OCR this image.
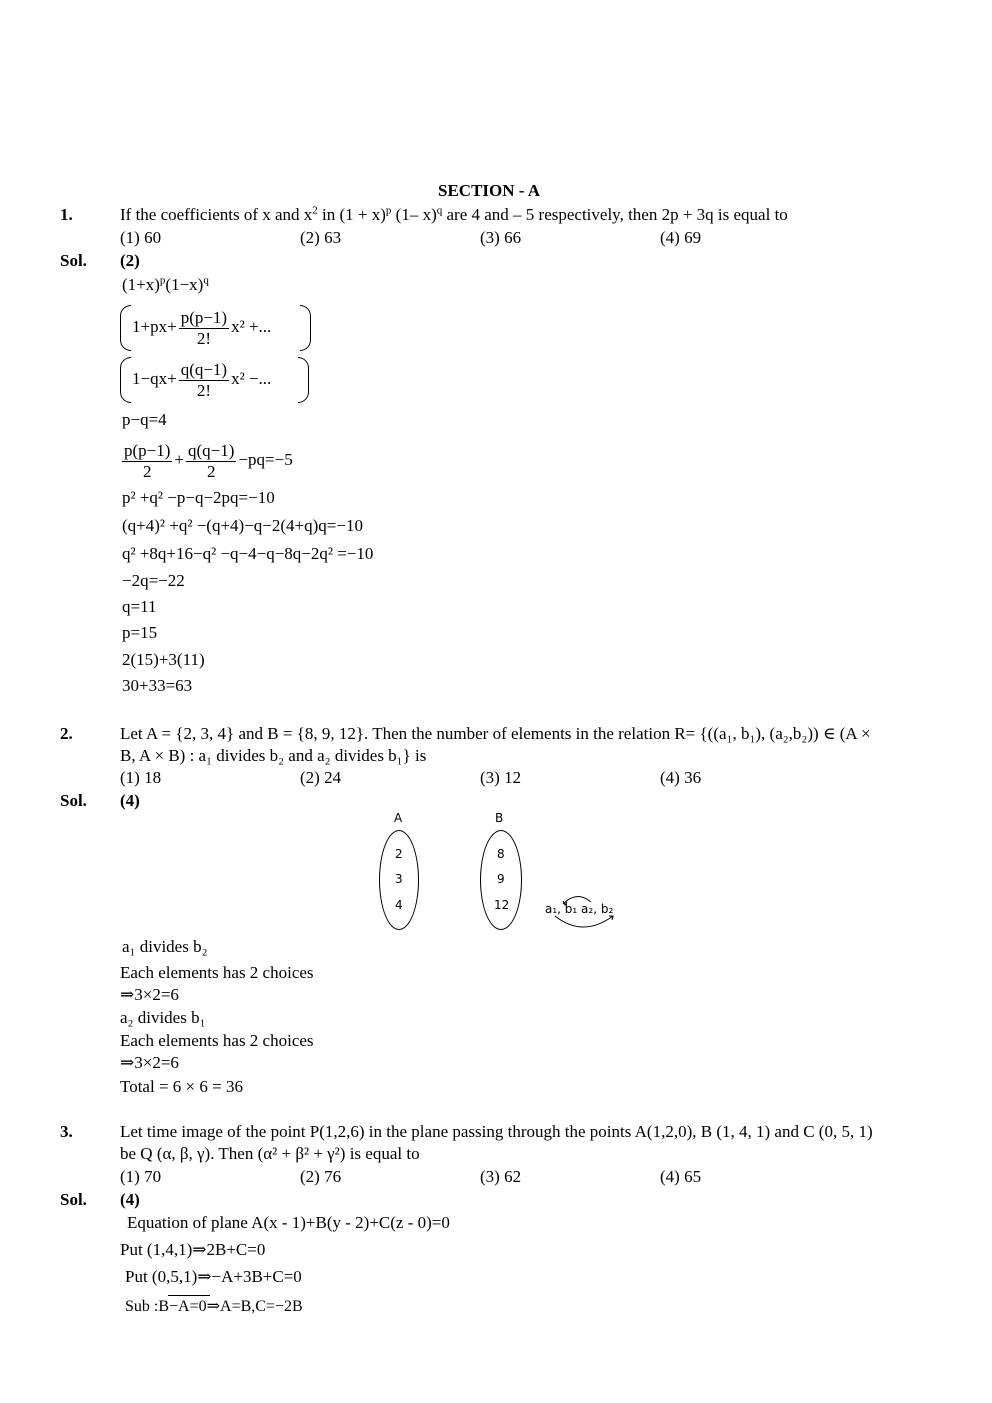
SECTION - A
1.	If the coefficients of x and $x^2$ in $(1 + x)^p$ (1– x)$^q$ are 4 and – 5 respectively, then 2p + 3q is equal to
(1) 60	(2) 63	(3) 66	(4) 69
Sol. (2)
$(1+x)^p(1-x)^q$
$1+px+ \frac{p(p-1)}{2!} x^2$ +...
$1-qx+ \frac{q(q-1)}{2!} x^2$ −...
p−q=4
$\frac{p(p-1)}{2} + \frac{q(q-1)}{2} -pq=-5$
p² +q² −p−q−2pq=−10
(q+4)² +q² −(q+4)−q−2(4+q)q=−10
q² +8q+16−q² −q−4−q−8q−2q² =−10
−2q=−22
q=11
p=15
2(15)+3(11)
30+33=63
2.	Let A = {2, 3, 4} and B = {8, 9, 12}. Then the number of elements in the relation R= {((a₁, b₁), (a₂,b₂)) ∈ (A ×
B, A × B) : a₁ divides b₂ and a₂ divides b₁} is
(1) 18	(2) 24	(3) 12	(4) 36
Sol. (4)
A
2
3
4
B
8
9
12	a₁, b₁ a₂, b₂
a₁ divides b₂
Each elements has 2 choices
⇒3×2=6
a₂ divides b₁
Each elements has 2 choices
⇒3×2=6
Total = 6 × 6 = 36
3.	Let time image of the point P(1,2,6) in the plane passing through the points A(1,2,0), B (1, 4, 1) and C (0, 5, 1)
be Q (α, β, γ). Then (α² + β² + γ²) is equal to
(1) 70	(2) 76	(3) 62	(4) 65
Sol. (4)
Equation of plane A(x - 1)+B(y - 2)+C(z - 0)=0
Put (1,4,1)⇒2B+C=0
Put (0,5,1)⇒−A+3B+C=0
Sub :B−A=0⇒A=B,C=−2B
